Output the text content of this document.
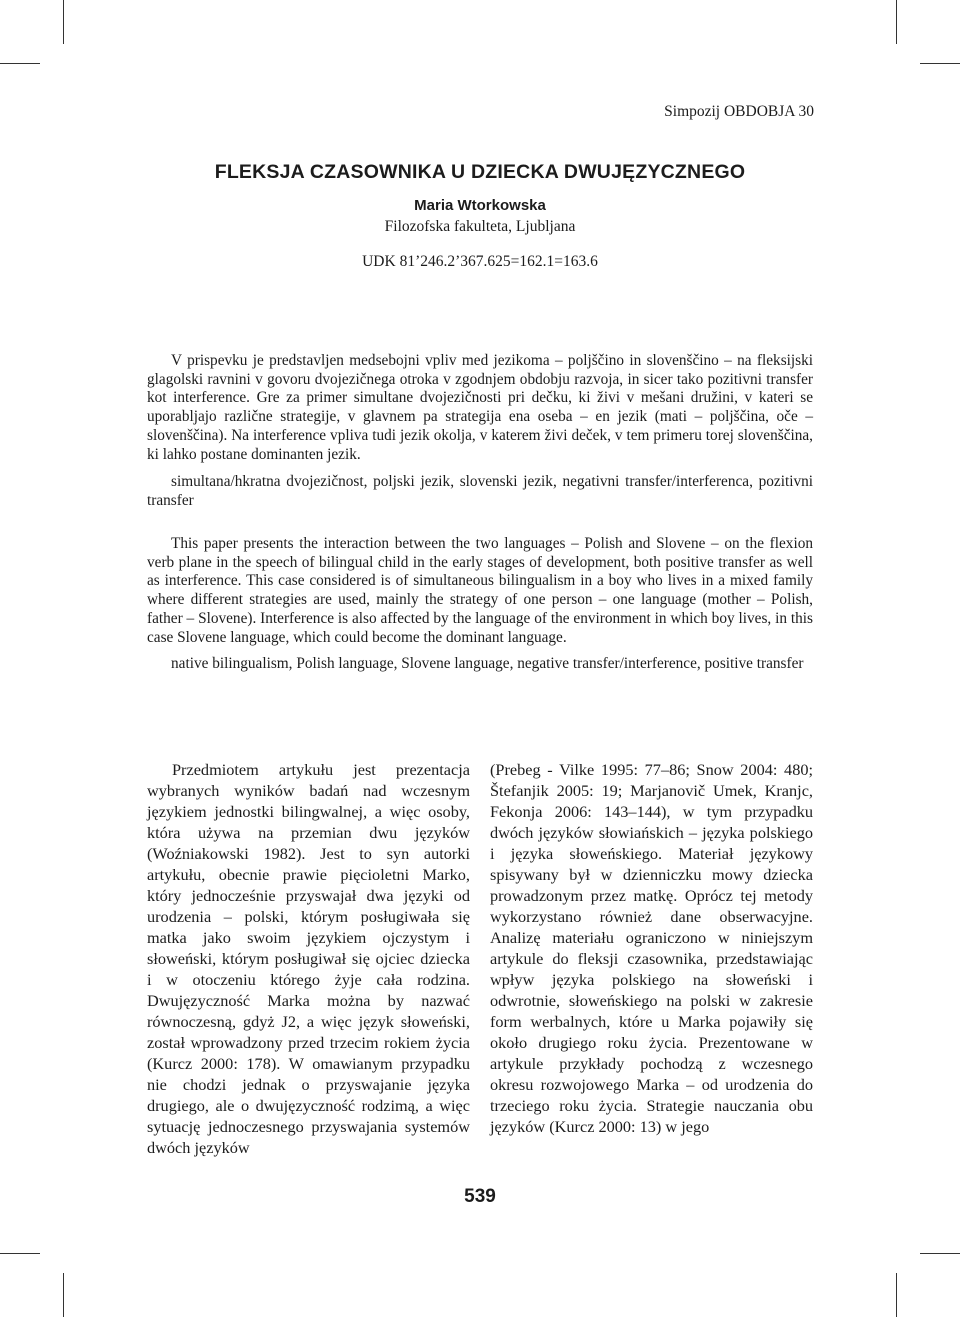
Simpozij OBDOBJA 30
FLEKSJA CZASOWNIKA U DZIECKA DWUJĘZYCZNEGO
Maria Wtorkowska
Filozofska fakulteta, Ljubljana
UDK 81’246.2’367.625=162.1=163.6

V prispevku je predstavljen medsebojni vpliv med jezikoma – poljščino in slovenščino – na fleksijski glagolski ravnini v govoru dvojezičnega otroka v zgodnjem obdobju razvoja, in sicer tako pozitivni transfer kot interference. Gre za primer simultane dvojezičnosti pri dečku, ki živi v mešani družini, v kateri se uporabljajo različne strategije, v glavnem pa strategija ena oseba – en jezik (mati – poljščina, oče – slovenščina). Na interference vpliva tudi jezik okolja, v katerem živi deček, v tem primeru torej slovenščina, ki lahko postane dominanten jezik.

simultana/hkratna dvojezičnost, poljski jezik, slovenski jezik, negativni transfer/interferenca, pozitivni transfer

This paper presents the interaction between the two languages – Polish and Slovene – on the flexion verb plane in the speech of bilingual child in the early stages of development, both positive transfer as well as interference. This case considered is of simultaneous bilingualism in a boy who lives in a mixed family where different strategies are used, mainly the strategy of one person – one language (mother – Polish, father – Slovene). Interference is also affected by the language of the environment in which boy lives, in this case Slovene language, which could become the dominant language.

native bilingualism, Polish language, Slovene language, negative transfer/interference, positive transfer

Przedmiotem artykułu jest prezentacja wybranych wyników badań nad wczesnym językiem jednostki bilingwalnej, a więc osoby, która używa na przemian dwu języków (Woźniakowski 1982). Jest to syn autorki artykułu, obecnie prawie pięcioletni Marko, który jednocześnie przyswajał dwa języki od urodzenia – polski, którym posługiwała się matka jako swoim językiem ojczystym i słoweński, którym posługiwał się ojciec dziecka i w otoczeniu którego żyje cała rodzina. Dwujęzyczność Marka można by nazwać równoczesną, gdyż J2, a więc język słoweński, został wprowadzony przed trzecim rokiem życia (Kurcz 2000: 178). W omawianym przypadku nie chodzi jednak o przyswajanie języka drugiego, ale o dwujęzyczność rodzimą, a więc sytuację jednoczesnego przyswajania systemów dwóch języków

(Prebeg - Vilke 1995: 77–86; Snow 2004: 480; Štefanjik 2005: 19; Marjanovič Umek, Kranjc, Fekonja 2006: 143–144), w tym przypadku dwóch języków słowiańskich – języka polskiego i języka słoweńskiego. Materiał językowy spisywany był w dzienniczku mowy dziecka prowadzonym przez matkę. Oprócz tej metody wykorzystano również dane obserwacyjne. Analizę materiału ograniczono w niniejszym artykule do fleksji czasownika, przedstawiając wpływ języka polskiego na słoweński i odwrotnie, słoweńskiego na polski w zakresie form werbalnych, które u Marka pojawiły się około drugiego roku życia. Prezentowane w artykule przykłady pochodzą z wczesnego okresu rozwojowego Marka – od urodzenia do trzeciego roku życia. Strategie nauczania obu języków (Kurcz 2000: 13) w jego

539
